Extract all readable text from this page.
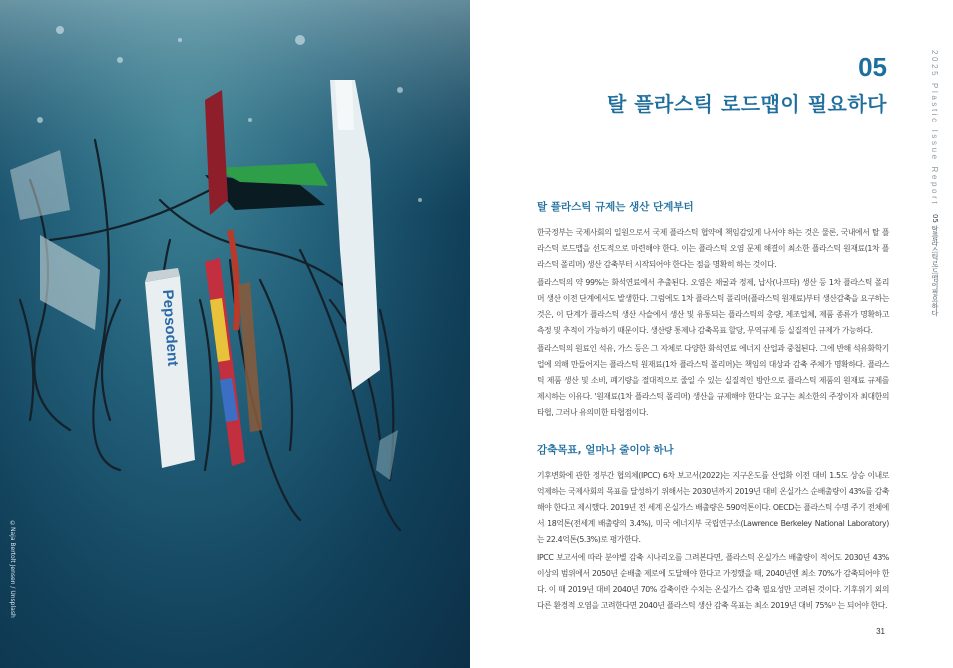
Pepsodent
©Naja Bertolt Jensen / Unsplash
05
탈 플라스틱 로드맵이 필요하다	2025 Plastic Issue Report
05 탈플라스틱로드맵이필요하다
탈 플라스틱 규제는 생산 단계부터

한국정부는 국제사회의 일원으로서 국제 플라스틱 협약에 책임감있게 나서야 하는 것은 물론, 국내에서 탈 플라스틱 로드맵을 선도적으로 마련해야 한다. 이는 플라스틱 오염 문제 해결이 최소한 플라스틱 원재료(1차 플라스틱 폴리머) 생산 감축부터 시작되어야 한다는 점을 명확히 하는 것이다.

플라스틱의 약 99%는 화석연료에서 추출된다. 오염은 채굴과 정제, 납사(나프타) 생산 등 1차 플라스틱 폴리머 생산 이전 단계에서도 발생한다. 그럼에도 1차 플라스틱 폴리머(플라스틱 원재료)부터 생산감축을 요구하는 것은, 이 단계가 플라스틱 생산 사슬에서 생산 및 유통되는 플라스틱의 총량, 제조업체, 제품 종류가 명확하고 측정 및 추적이 가능하기 때문이다. 생산량 통제나 감축목표 할당, 무역규제 등 실질적인 규제가 가능하다.

플라스틱의 원료인 석유, 가스 등은 그 자체로 다양한 화석연료 에너지 산업과 중첩된다. 그에 반해 석유화학기업에 의해 만들어지는 플라스틱 원재료(1차 플라스틱 폴리머)는 책임의 대상과 감축 주체가 명확하다. 플라스틱 제품 생산 및 소비, 폐기량을 절대적으로 줄일 수 있는 실질적인 방안으로 플라스틱 제품의 원재료 규제를 제시하는 이유다. '원재료(1차 플라스틱 폴리머) 생산을 규제해야 한다'는 요구는 최소한의 주장이자 최대한의 타협, 그러나 유의미한 타협점이다.

감축목표, 얼마나 줄이야 하나

기후변화에 관한 정부간 협의체(IPCC) 6차 보고서(2022)는 지구온도를 산업화 이전 대비 1.5도 상승 이내로 억제하는 국제사회의 목표를 달성하기 위해서는 2030년까지 2019년 대비 온실가스 순배출량이 43%를 감축해야 한다고 제시했다. 2019년 전 세계 온실가스 배출량은 590억톤이다. OECD는 플라스틱 수명 주기 전체에서 18억톤(전세계 배출량의 3.4%), 미국 에너지부 국립연구소(Lawrence Berkeley National Laboratory)는 22.4억톤(5.3%)로 평가한다.

IPCC 보고서에 따라 분야별 감축 시나리오를 그려본다면, 플라스틱 온실가스 배출량이 적어도 2030년 43% 이상의 범위에서 2050년 순배출 제로에 도달해야 한다고 가정했을 때, 2040년엔 최소 70%가 감축되어야 한다. 이 때 2019년 대비 2040년 70% 감축이란 수치는 온실가스 감축 필요성만 고려된 것이다. 기후위기 외의 다른 환경적 오염을 고려한다면 2040년 플라스틱 생산 감축 목표는 최소 2019년 대비 75%¹⁾ 는 되어야 한다.

31
